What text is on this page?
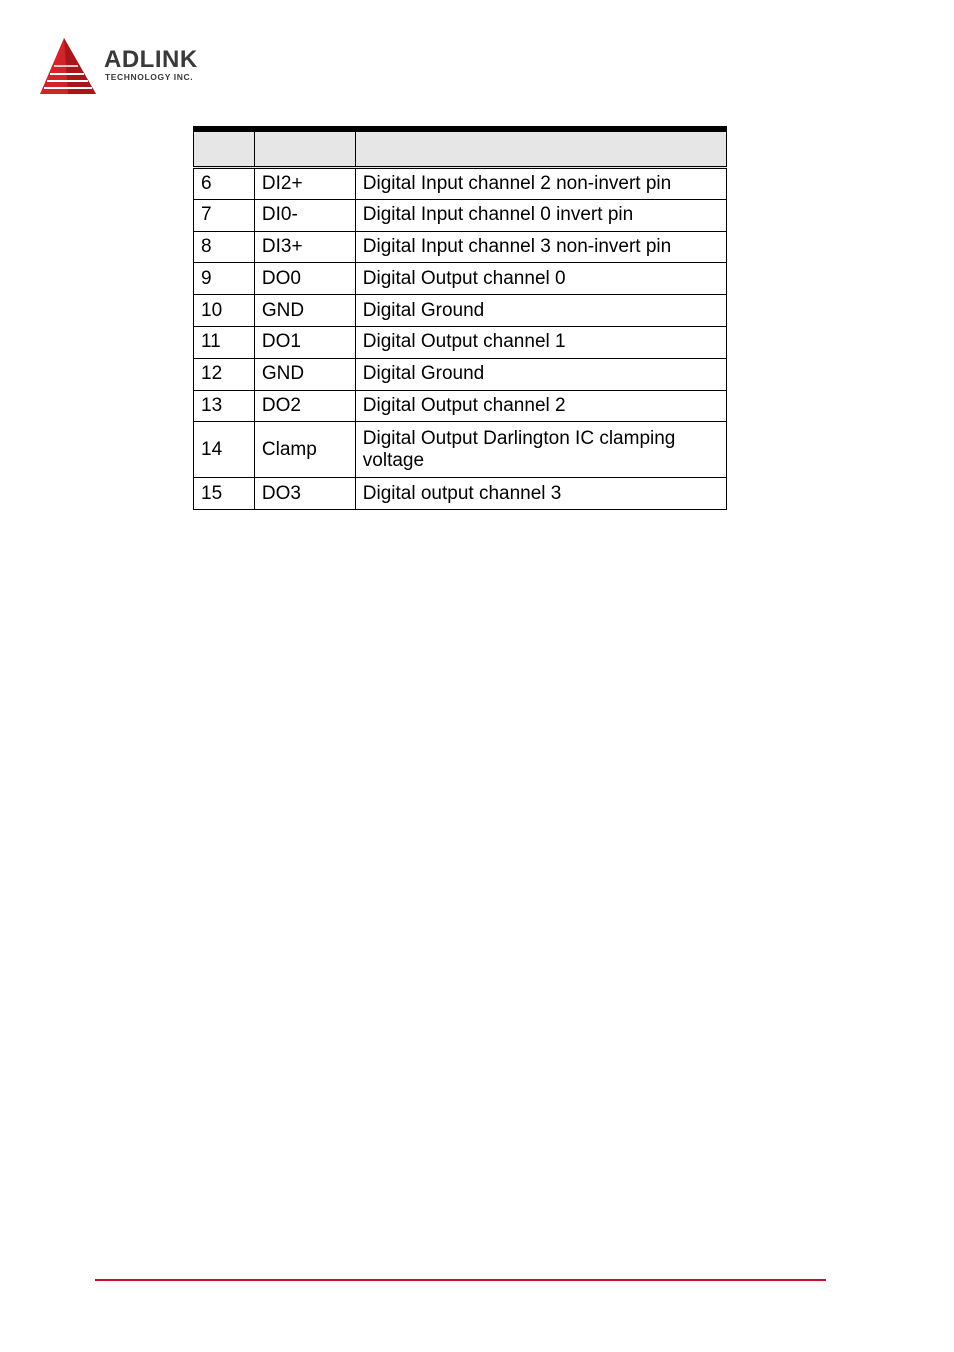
ADLINK
TECHNOLOGY INC.

6	DI2+	Digital Input channel 2 non-invert pin
7	DI0-	Digital Input channel 0 invert pin
8	DI3+	Digital Input channel 3 non-invert pin
9	DO0	Digital Output channel 0
10	GND	Digital Ground
11	DO1	Digital Output channel 1
12	GND	Digital Ground
13	DO2	Digital Output channel 2
14	Clamp	Digital Output Darlington IC clamping voltage
15	DO3	Digital output channel 3
